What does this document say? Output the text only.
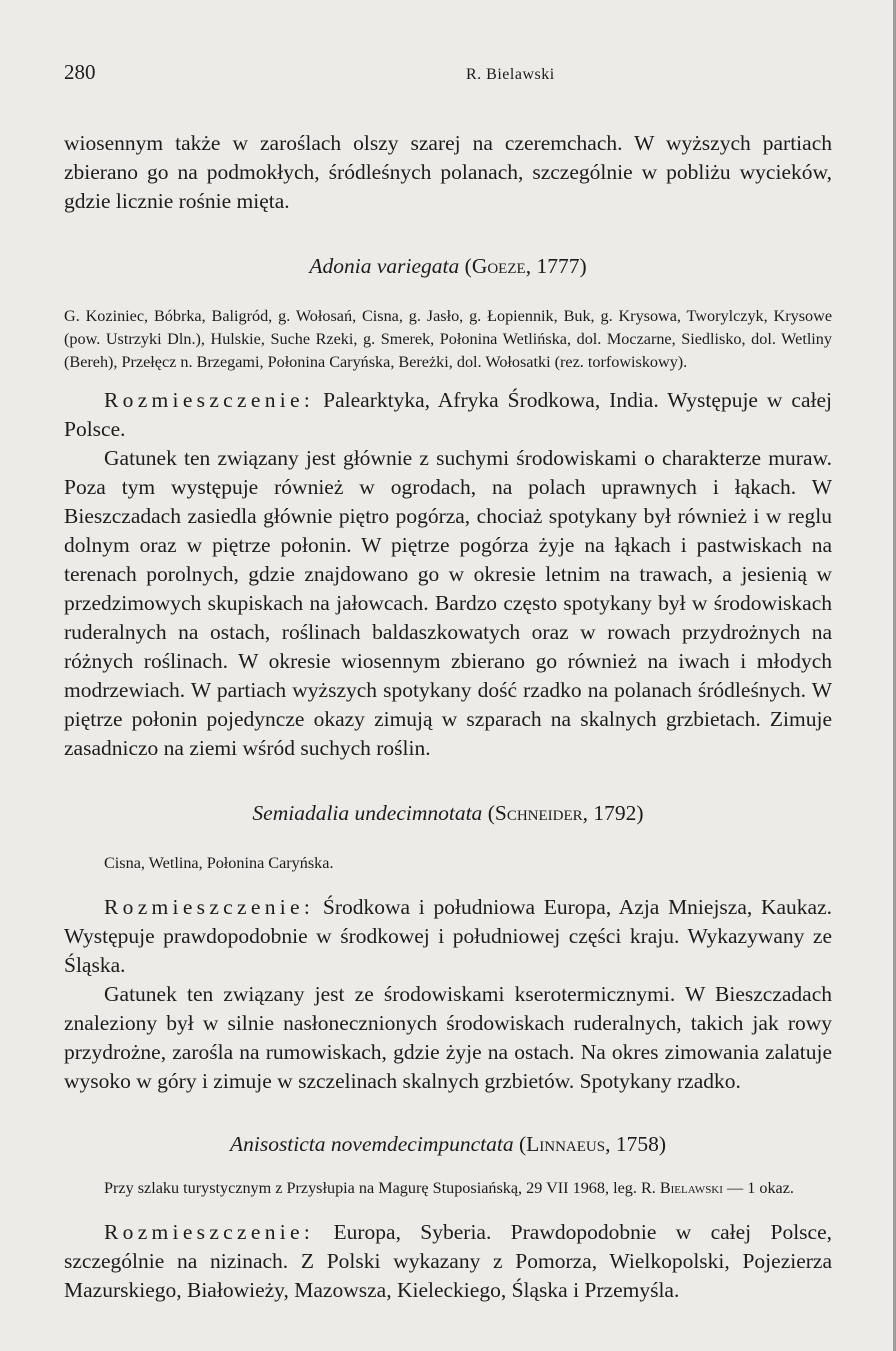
280	R. Bielawski

wiosennym także w zaroślach olszy szarej na czeremchach. W wyższych partiach zbierano go na podmokłych, śródleśnych polanach, szczególnie w pobliżu wycieków, gdzie licznie rośnie mięta.

Adonia variegata (Goeze, 1777)

G. Koziniec, Bóbrka, Baligród, g. Wołosań, Cisna, g. Jasło, g. Łopiennik, Buk, g. Krysowa, Tworylczyk, Krysowe (pow. Ustrzyki Dln.), Hulskie, Suche Rzeki, g. Smerek, Połonina Wetlińska, dol. Moczarne, Siedlisko, dol. Wetliny (Bereh), Przełęcz n. Brzegami, Połonina Caryńska, Bereżki, dol. Wołosatki (rez. torfowiskowy).

Rozmieszczenie: Palearktyka, Afryka Środkowa, India. Występuje w całej Polsce.

Gatunek ten związany jest głównie z suchymi środowiskami o charakterze muraw. Poza tym występuje również w ogrodach, na polach uprawnych i łąkach. W Bieszczadach zasiedla głównie piętro pogórza, chociaż spotykany był również i w reglu dolnym oraz w piętrze połonin. W piętrze pogórza żyje na łąkach i pastwiskach na terenach porolnych, gdzie znajdowano go w okresie letnim na trawach, a jesienią w przedzimowych skupiskach na jałowcach. Bardzo często spotykany był w środowiskach ruderalnych na ostach, roślinach baldaszkowatych oraz w rowach przydrożnych na różnych roślinach. W okresie wiosennym zbierano go również na iwach i młodych modrzewiach. W partiach wyższych spotykany dość rzadko na polanach śródleśnych. W piętrze połonin pojedyncze okazy zimują w szparach na skalnych grzbietach. Zimuje zasadniczo na ziemi wśród suchych roślin.

Semiadalia undecimnotata (Schneider, 1792)

Cisna, Wetlina, Połonina Caryńska.

Rozmieszczenie: Środkowa i południowa Europa, Azja Mniejsza, Kaukaz. Występuje prawdopodobnie w środkowej i południowej części kraju. Wykazywany ze Śląska.

Gatunek ten związany jest ze środowiskami kserotermicznymi. W Bieszczadach znaleziony był w silnie nasłonecznionych środowiskach ruderalnych, takich jak rowy przydrożne, zarośla na rumowiskach, gdzie żyje na ostach. Na okres zimowania zalatuje wysoko w góry i zimuje w szczelinach skalnych grzbietów. Spotykany rzadko.

Anisosticta novemdecimpunctata (Linnaeus, 1758)

Przy szlaku turystycznym z Przysłupia na Magurę Stuposiańską, 29 VII 1968, leg. R. Bielawski — 1 okaz.

Rozmieszczenie: Europa, Syberia. Prawdopodobnie w całej Polsce, szczególnie na nizinach. Z Polski wykazany z Pomorza, Wielkopolski, Pojezierza Mazurskiego, Białowieży, Mazowsza, Kieleckiego, Śląska i Przemyśla.
